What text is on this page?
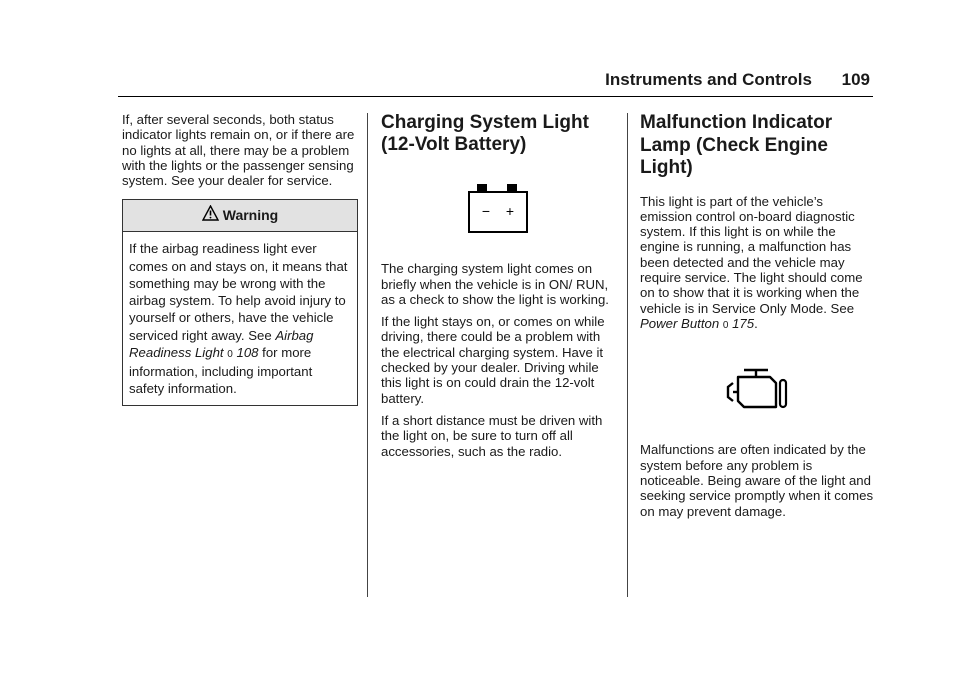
Instruments and Controls 109

If, after several seconds, both status indicator lights remain on, or if there are no lights at all, there may be a problem with the lights or the passenger sensing system. See your dealer for service.

Warning
If the airbag readiness light ever comes on and stays on, it means that something may be wrong with the airbag system. To help avoid injury to yourself or others, have the vehicle serviced right away. See Airbag Readiness Light 0 108 for more information, including important safety information.
Charging System Light (12-Volt Battery)
− +

The charging system light comes on briefly when the vehicle is in ON/ RUN, as a check to show the light is working.

If the light stays on, or comes on while driving, there could be a problem with the electrical charging system. Have it checked by your dealer. Driving while this light is on could drain the 12-volt battery.

If a short distance must be driven with the light on, be sure to turn off all accessories, such as the radio.

Malfunction Indicator Lamp (Check Engine Light)

This light is part of the vehicle’s emission control on-board diagnostic system. If this light is on while the engine is running, a malfunction has been detected and the vehicle may require service. The light should come on to show that it is working when the vehicle is in Service Only Mode. See Power Button 0 175.

Malfunctions are often indicated by the system before any problem is noticeable. Being aware of the light and seeking service promptly when it comes on may prevent damage.
